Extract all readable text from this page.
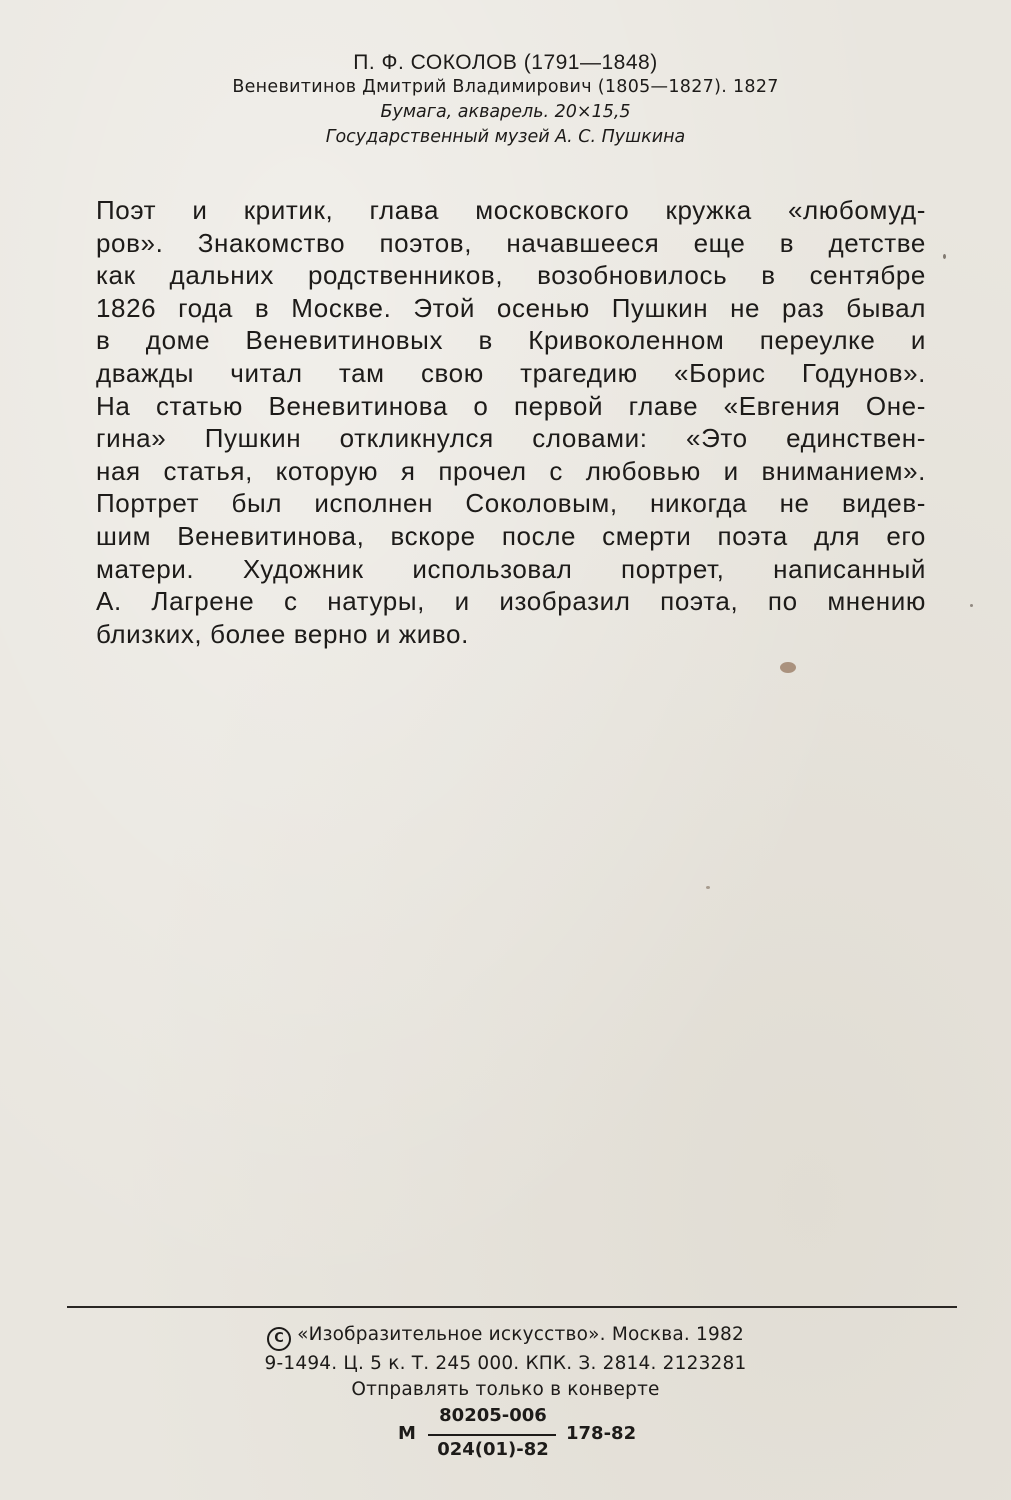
П. Ф. СОКОЛОВ (1791—1848)
Веневитинов Дмитрий Владимирович (1805—1827). 1827
Бумага, акварель. 20×15,5
Государственный музей А. С. Пушкина
Поэт и критик, глава московского кружка «любомуд-
ров». Знакомство поэтов, начавшееся еще в детстве
как дальних родственников, возобновилось в сентябре
1826 года в Москве. Этой осенью Пушкин не раз бывал
в доме Веневитиновых в Кривоколенном переулке и
дважды читал там свою трагедию «Борис Годунов».
На статью Веневитинова о первой главе «Евгения Оне-
гина» Пушкин откликнулся словами: «Это единствен-
ная статья, которую я прочел с любовью и вниманием».
Портрет был исполнен Соколовым, никогда не видев-
шим Веневитинова, вскоре после смерти поэта для его
матери. Художник использовал портрет, написанный
А. Лагрене с натуры, и изобразил поэта, по мнению
близких, более верно и живо.
C «Изобразительное искусство». Москва. 1982
9-1494. Ц. 5 к. Т. 245 000. КПК. З. 2814. 2123281
Отправлять только в конверте
М
80205-006
024(01)-82
178-82
